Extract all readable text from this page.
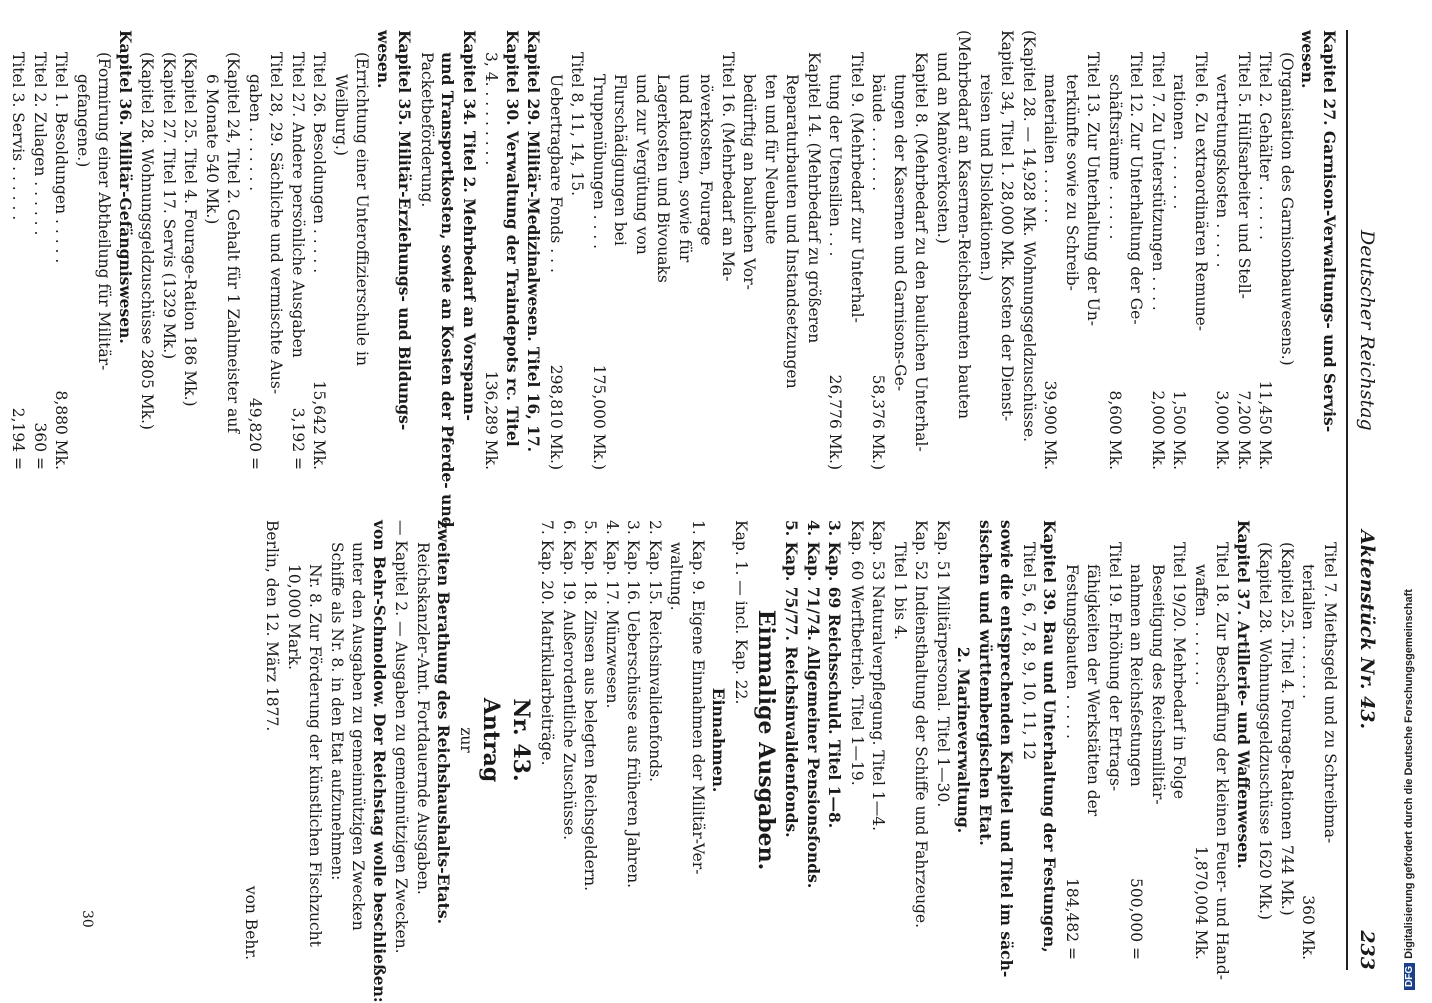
Deutscher Reichstag
Aktenstück Nr. 43.
233
Kapitel 27. Garnison-Verwaltungs- und Servis-
wesen.
(Organisation des Garnisonbauwesens.)
Titel 2. Gehälter . . . . . .
11,450 Mk.
Titel 5. Hülfsarbeiter und Stell-
7,200 Mk.
vertretungskosten . . . . .
3,000 Mk.
Titel 6. Zu extraordinären Remune-
rationen . . . . . . .
1,500 Mk.
Titel 7. Zu Unterstützungen . . . .
2,000 Mk.
Titel 12. Zur Unterhaltung der Ge-
schäftsräume . . . . . .
8,600 Mk.
Titel 13. Zur Unterhaltung der Un-
terkünfte sowie zu Schreib-
materialien . . . . . .
39,900 Mk.
(Kapitel 28. — 14,928 Mk. Wohnungsgeldzuschüsse.
Kapitel 34, Titel 1. 28,000 Mk. Kosten der Dienst-
reisen und Dislokationen.)
(Mehrbedarf an Kasernen-Reichsbeamten bauten
und an Manöverkosten.)
Kapitel 8. (Mehrbedarf zu den baulichen Unterhal-
tungen der Kasernen und Garnisons-Ge-
bäude . . . . . . .
58,376 Mk.)
Titel 9. (Mehrbedarf zur Unterhal-
tung der Utensilien . . .
26,776 Mk.)
Kapitel 14. (Mehrbedarf zu größeren
Reparaturbauten und Instandsetzungen
ten und für Neubaute
bedürftig an baulichen Vor-
Titel 16. (Mehrbedarf an Ma-
növerkosten, Fourage
und Rationen, sowie für
Lagerkosten und Bivouaks
und zur Vergütung von
Flurschädigungen bei
Truppenübungen . . . .
175,000 Mk.)
Titel 8, 11, 14, 15.
Uebertragbare Fonds . . .
298,810 Mk.)
Kapitel 29. Militär-Medizinalwesen. Titel 16, 17.
Kapitel 30. Verwaltung der Traindepots rc. Titel
3, 4. . . . . . . . .
136,289 Mk.
Kapitel 34. Titel 2. Mehrbedarf an Vorspann-
und Transportkosten, sowie an Kosten der Pferde- und
Packetbeförderung.
Kapitel 35. Militär-Erziehungs- und Bildungs-
wesen.
(Errichtung einer Unteroffizierschule in
Weilburg.)
Titel 26. Besoldungen . . . . .
15,642 Mk.
Titel 27. Andere persönliche Ausgaben
3,192 =
Titel 28, 29. Sächliche und vermischte Aus-
gaben . . . . . . .
49,820 =
(Kapitel 24, Titel 2. Gehalt für 1 Zahlmeister auf
6 Monate 540 Mk.)
(Kapitel 25. Titel 4. Fourage-Ration 186 Mk.)
(Kapitel 27. Titel 17. Servis (1329 Mk.)
(Kapitel 28. Wohnungsgeldzuschüsse 2805 Mk.)
Kapitel 36. Militär-Gefängniswesen.
(Formirung einer Abtheilung für Militär-
gefangene.)
Titel 1. Besoldungen . . . . .
8,880 Mk.
Titel 2. Zulagen . . . . . .
360 =
Titel 3. Servis . . . . . .
2,194 =
Titel 7. Miethsgeld und zu Schreibma-
terialien . . . . . . .
360 Mk.
(Kapitel 25. Titel 4. Fourage-Rationen 744 Mk.)
(Kapitel 28. Wohnungsgeldzuschüsse 1620 Mk.)
Kapitel 37. Artillerie- und Waffenwesen.
Titel 18. Zur Beschaffung der kleinen Feuer- und Hand-
waffen . . . . . . .
1,870,004 Mk.
Titel 19/20. Mehrbedarf in Folge
Beseitigung des Reichsmilitär-
nahmen an Reichsfestungen
500,000 =
Titel 19. Erhöhung der Ertrags-
fähigkeiten der Werkstätten der
Festungsbauten . . . . .
184,482 =
Kapitel 39. Bau und Unterhaltung der Festungen,
Titel 5, 6, 7, 8, 9, 10, 11, 12
sowie die entsprechenden Kapitel und Titel im säch-
sischen und württembergischen Etat.
2. Marineverwaltung.
Kap. 51 Militärpersonal. Titel 1—30.
Kap. 52 Indiensthaltung der Schiffe und Fahrzeuge.
Titel 1 bis 4.
Kap. 53 Naturalverpflegung. Titel 1—4.
Kap. 60 Werftbetrieb. Titel 1—19.
3. Kap. 69 Reichsschuld. Titel 1—8.
4. Kap. 71/74. Allgemeiner Pensionsfonds.
5. Kap. 75/77. Reichsinvalidenfonds.
Einmalige Ausgaben.
Kap. 1. — incl. Kap. 22.
Einnahmen.
1. Kap. 9. Eigene Einnahmen der Militär-Ver-
waltung.
2. Kap. 15. Reichsinvalidenfonds.
3. Kap. 16. Ueberschüsse aus früheren Jahren.
4. Kap. 17. Münzwesen.
5. Kap. 18. Zinsen aus belegten Reichsgeldern.
6. Kap. 19. Außerordentliche Zuschüsse.
7. Kap. 20. Matrikularbeiträge.
Nr. 43.
Antrag
zur
zweiten Berathung des Reichshaushalts-Etats.
Reichskanzler-Amt. Fortdauernde Ausgaben.
— Kapitel 2. — Ausgaben zu gemeinnützigen Zwecken.
von Behr-Schmoldow. Der Reichstag wolle beschließen:
unter den Ausgaben zu gemeinnützigen Zwecken
Schiffe als Nr. 8. in den Etat aufzunehmen:
Nr. 8. Zur Förderung der künstlichen Fischzucht
10,000 Mark.
Berlin, den 12. März 1877.
von Behr.
30
DFGDigitalisierung gefördert durch die Deutsche Forschungsgemeinschaft
